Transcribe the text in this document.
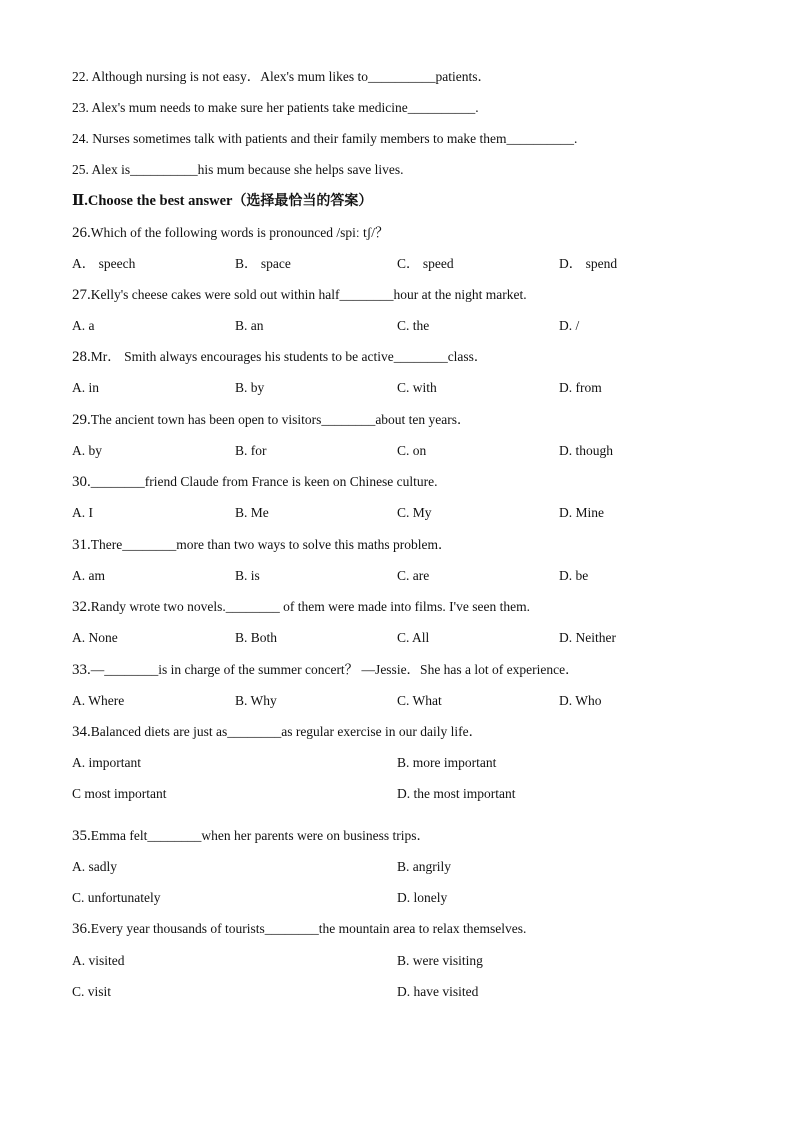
22. Although nursing is not easy．Alex's mum likes to__________patients．
23. Alex's mum needs to make sure her patients take medicine__________.
24. Nurses sometimes talk with patients and their family members to make them__________.
25. Alex is__________his mum because she helps save lives.
Ⅱ.Choose the best answer（选择最恰当的答案）
26.Which of the following words is pronounced /spiː tʃ/？
A． speech	B． space	C． speed	D． spend
27.Kelly's cheese cakes were sold out within half________hour at the night market.
A. a	B. an	C. the	D. /
28.Mr． Smith always encourages his students to be active________class．
A. in	B. by	C. with	D. from
29.The ancient town has been open to visitors________about ten years．
A. by	B. for	C. on	D. though
30.________friend Claude from France is keen on Chinese culture.
A. I	B. Me	C. My	D. Mine
31.There________more than two ways to solve this maths problem．
A. am	B. is	C. are	D. be
32.Randy wrote two novels.________ of them were made into films. I've seen them.
A. None	B. Both	C. All	D. Neither
33.—________is in charge of the summer concert？ —Jessie．She has a lot of experience．
A. Where	B. Why	C. What	D. Who
34.Balanced diets are just as________as regular exercise in our daily life．
A. important	B. more important
C most important	D. the most important
35.Emma felt________when her parents were on business trips．
A. sadly	B. angrily
C. unfortunately	D. lonely
36.Every year thousands of tourists________the mountain area to relax themselves.
A. visited	B. were visiting
C. visit	D. have visited
